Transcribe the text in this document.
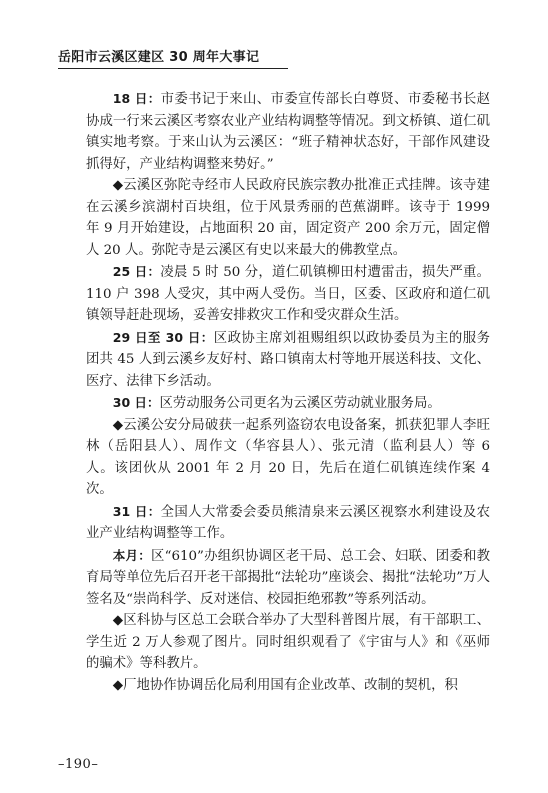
岳阳市云溪区建区 30 周年大事记

18 日：市委书记于来山、市委宣传部长白尊贤、市委秘书长赵协成一行来云溪区考察农业产业结构调整等情况。到文桥镇、道仁矶镇实地考察。于来山认为云溪区：“班子精神状态好，干部作风建设抓得好，产业结构调整来势好。”

◆云溪区弥陀寺经市人民政府民族宗教办批准正式挂牌。该寺建在云溪乡滨湖村百块组，位于风景秀丽的芭蕉湖畔。该寺于 1999 年 9 月开始建设，占地面积 20 亩，固定资产 200 余万元，固定僧人 20 人。弥陀寺是云溪区有史以来最大的佛教堂点。

25 日：凌晨 5 时 50 分，道仁矶镇柳田村遭雷击，损失严重。110 户 398 人受灾，其中两人受伤。当日，区委、区政府和道仁矶镇领导赶赴现场，妥善安排救灾工作和受灾群众生活。

29 日至 30 日：区政协主席刘祖赐组织以政协委员为主的服务团共 45 人到云溪乡友好村、路口镇南太村等地开展送科技、文化、医疗、法律下乡活动。

30 日：区劳动服务公司更名为云溪区劳动就业服务局。

◆云溪公安分局破获一起系列盗窃农电设备案，抓获犯罪人李旺林（岳阳县人）、周作文（华容县人）、张元清（监利县人）等 6 人。该团伙从 2001 年 2 月 20 日，先后在道仁矶镇连续作案 4 次。

31 日：全国人大常委会委员熊清泉来云溪区视察水利建设及农业产业结构调整等工作。

本月：区“610”办组织协调区老干局、总工会、妇联、团委和教育局等单位先后召开老干部揭批“法轮功”座谈会、揭批“法轮功”万人签名及“崇尚科学、反对迷信、校园拒绝邪教”等系列活动。

◆区科协与区总工会联合举办了大型科普图片展，有干部职工、学生近 2 万人参观了图片。同时组织观看了《宇宙与人》和《巫师的骗术》等科教片。

◆厂地协作协调岳化局利用国有企业改革、改制的契机，积

–190–
